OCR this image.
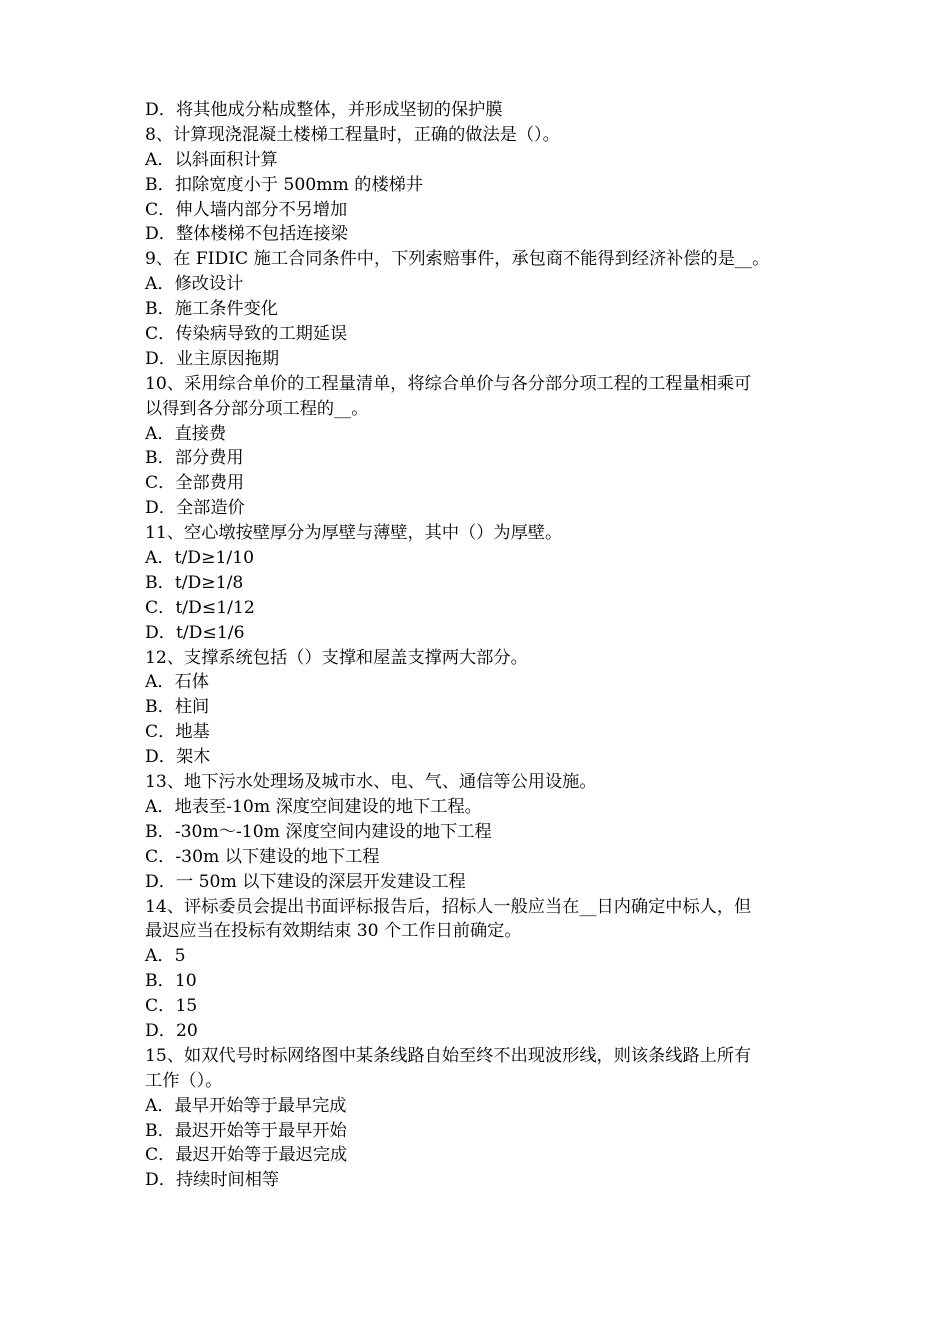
D．将其他成分粘成整体，并形成坚韧的保护膜
8、计算现浇混凝土楼梯工程量时，正确的做法是（）。
A．以斜面积计算
B．扣除宽度小于 500mm 的楼梯井
C．伸人墙内部分不另增加
D．整体楼梯不包括连接梁
9、在 FIDIC 施工合同条件中，下列索赔事件，承包商不能得到经济补偿的是__。
A．修改设计
B．施工条件变化
C．传染病导致的工期延误
D．业主原因拖期
10、采用综合单价的工程量清单，将综合单价与各分部分项工程的工程量相乘可
以得到各分部分项工程的__。
A．直接费
B．部分费用
C．全部费用
D．全部造价
11、空心墩按壁厚分为厚壁与薄壁，其中（）为厚壁。
A．t/D≥1/10
B．t/D≥1/8
C．t/D≤1/12
D．t/D≤1/6
12、支撑系统包括（）支撑和屋盖支撑两大部分。
A．石体
B．柱间
C．地基
D．架木
13、地下污水处理场及城市水、电、气、通信等公用设施。
A．地表至-10m 深度空间建设的地下工程。
B．-30m～-10m 深度空间内建设的地下工程
C．-30m 以下建设的地下工程
D．一 50m 以下建设的深层开发建设工程
14、评标委员会提出书面评标报告后，招标人一般应当在__日内确定中标人，但
最迟应当在投标有效期结束 30 个工作日前确定。
A．5
B．10
C．15
D．20
15、如双代号时标网络图中某条线路自始至终不出现波形线，则该条线路上所有
工作（）。
A．最早开始等于最早完成
B．最迟开始等于最早开始
C．最迟开始等于最迟完成
D．持续时间相等
